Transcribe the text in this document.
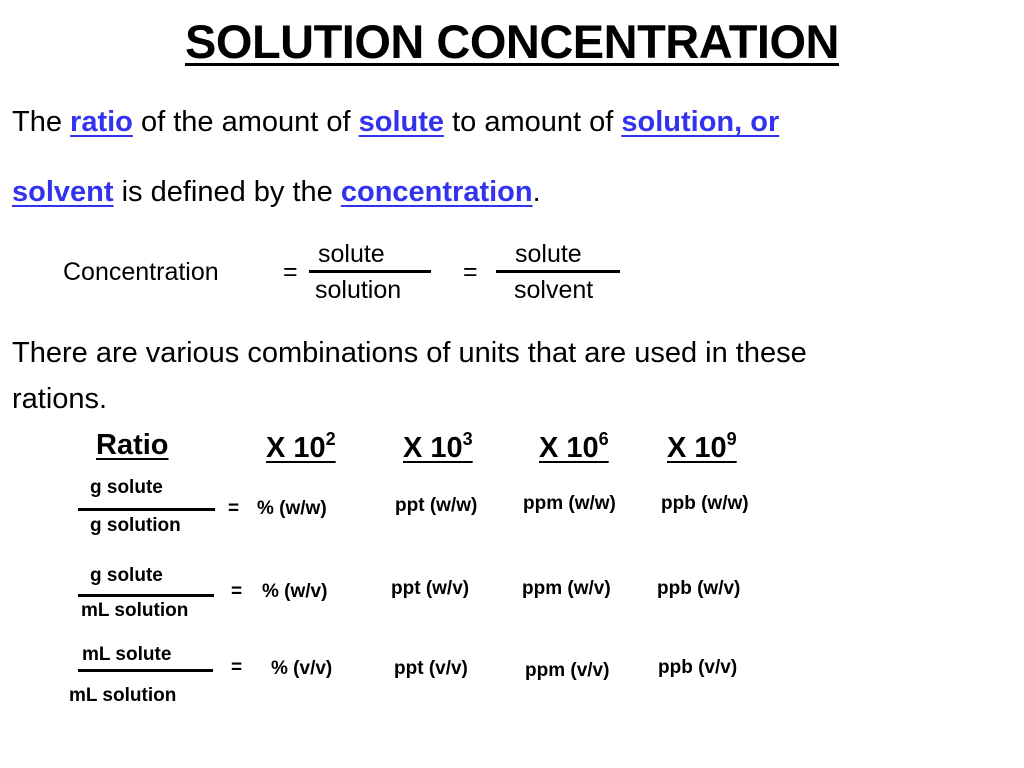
SOLUTION CONCENTRATION
The ratio of the amount of solute to amount of solution, or
solvent is defined by the concentration.
Concentration	=
solute
solution
=
solute
solvent
There are various combinations of units that are used in these
rations.
Ratio	X $10^2$ X $10^3$ X $10^6$ X $10^9$
g solute
g solution
= % (w/w)	ppt (w/w) ppm (w/w) ppb (w/w)
g solute
mL solution
= % (w/v)	ppt (w/v)	ppm (w/v) ppb (w/v)
mL solute
mL solution
= % (v/v)	ppt (v/v)	ppm (v/v)	ppb (v/v)
